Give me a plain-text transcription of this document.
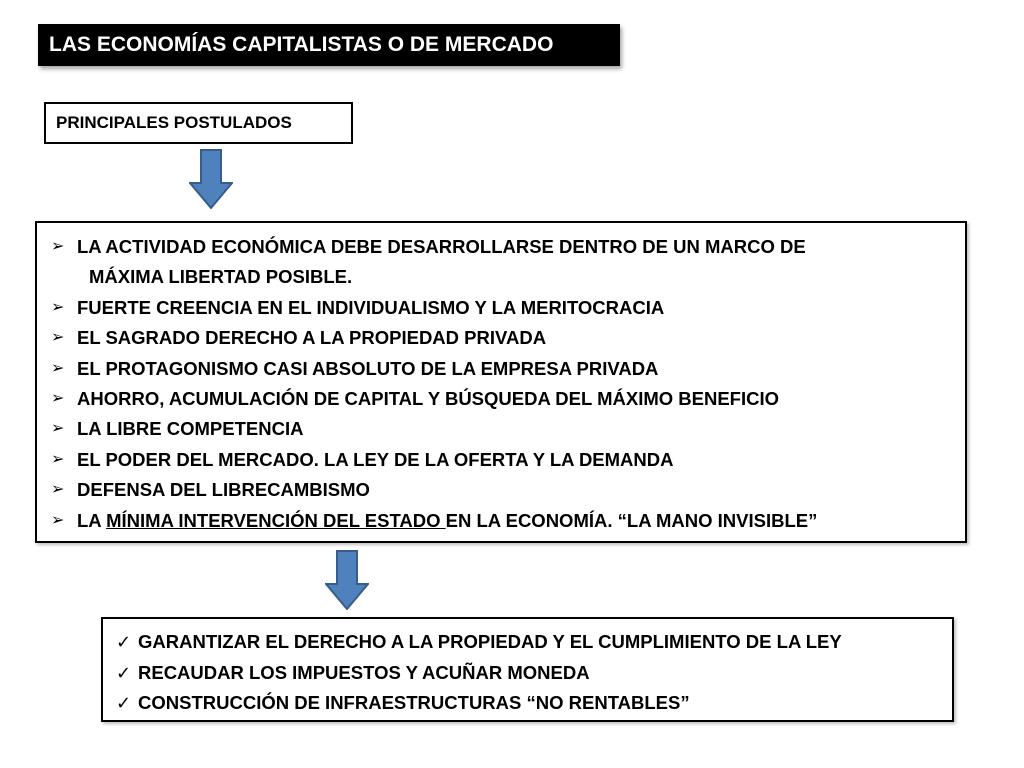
LAS ECONOMÍAS CAPITALISTAS O DE MERCADO
PRINCIPALES POSTULADOS
➢ LA ACTIVIDAD ECONÓMICA DEBE DESARROLLARSE DENTRO DE UN MARCO DE
MÁXIMA LIBERTAD POSIBLE.
➢ FUERTE CREENCIA EN EL INDIVIDUALISMO Y LA MERITOCRACIA
➢ EL SAGRADO DERECHO A LA PROPIEDAD PRIVADA
➢ EL PROTAGONISMO CASI ABSOLUTO DE LA EMPRESA PRIVADA
➢ AHORRO, ACUMULACIÓN DE CAPITAL Y BÚSQUEDA DEL MÁXIMO BENEFICIO
➢ LA LIBRE COMPETENCIA
➢ EL PODER DEL MERCADO. LA LEY DE LA OFERTA Y LA DEMANDA
➢ DEFENSA DEL LIBRECAMBISMO
➢ LA MÍNIMA INTERVENCIÓN DEL ESTADO EN LA ECONOMÍA. “LA MANO INVISIBLE”
✓ GARANTIZAR EL DERECHO A LA PROPIEDAD Y EL CUMPLIMIENTO DE LA LEY
✓ RECAUDAR LOS IMPUESTOS Y ACUÑAR MONEDA
✓ CONSTRUCCIÓN DE INFRAESTRUCTURAS “NO RENTABLES”
